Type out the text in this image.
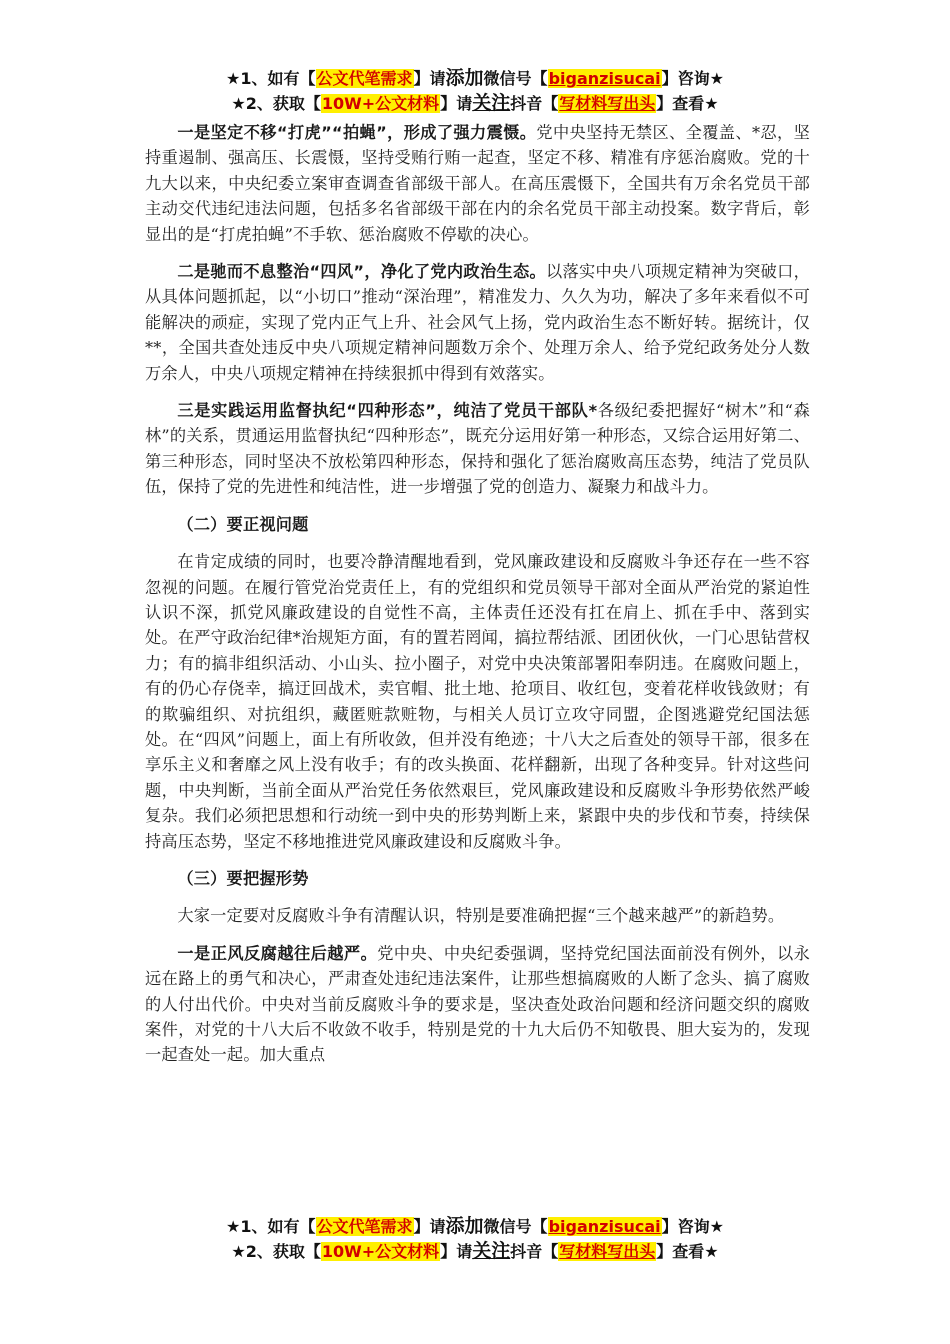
★1、如有【公文代笔需求】请添加微信号【biganzisucai】咨询★
★2、获取【10W+公文材料】请关注抖音【写材料写出头】查看★

一是坚定不移“打虎”“拍蝇”，形成了强力震慑。党中央坚持无禁区、全覆盖、*忍，坚持重遏制、强高压、长震慑，坚持受贿行贿一起查，坚定不移、精准有序惩治腐败。党的十九大以来，中央纪委立案审查调查省部级干部人。在高压震慑下，全国共有万余名党员干部主动交代违纪违法问题，包括多名省部级干部在内的余名党员干部主动投案。数字背后，彰显出的是“打虎拍蝇”不手软、惩治腐败不停歇的决心。

二是驰而不息整治“四风”，净化了党内政治生态。以落实中央八项规定精神为突破口，从具体问题抓起，以“小切口”推动“深治理”，精准发力、久久为功，解决了多年来看似不可能解决的顽症，实现了党内正气上升、社会风气上扬，党内政治生态不断好转。据统计，仅**，全国共查处违反中央八项规定精神问题数万余个、处理万余人、给予党纪政务处分人数万余人，中央八项规定精神在持续狠抓中得到有效落实。

三是实践运用监督执纪“四种形态”，纯洁了党员干部队*各级纪委把握好“树木”和“森林”的关系，贯通运用监督执纪“四种形态”，既充分运用好第一种形态，又综合运用好第二、第三种形态，同时坚决不放松第四种形态，保持和强化了惩治腐败高压态势，纯洁了党员队伍，保持了党的先进性和纯洁性，进一步增强了党的创造力、凝聚力和战斗力。

（二）要正视问题

在肯定成绩的同时，也要冷静清醒地看到，党风廉政建设和反腐败斗争还存在一些不容忽视的问题。在履行管党治党责任上，有的党组织和党员领导干部对全面从严治党的紧迫性认识不深，抓党风廉政建设的自觉性不高，主体责任还没有扛在肩上、抓在手中、落到实处。在严守政治纪律*治规矩方面，有的置若罔闻，搞拉帮结派、团团伙伙，一门心思钻营权力；有的搞非组织活动、小山头、拉小圈子，对党中央决策部署阳奉阴违。在腐败问题上，有的仍心存侥幸，搞迂回战术，卖官帽、批土地、抢项目、收红包，变着花样收钱敛财；有的欺骗组织、对抗组织，藏匿赃款赃物，与相关人员订立攻守同盟，企图逃避党纪国法惩处。在“四风”问题上，面上有所收敛，但并没有绝迹；十八大之后查处的领导干部，很多在享乐主义和奢靡之风上没有收手；有的改头换面、花样翻新，出现了各种变异。针对这些问题，中央判断，当前全面从严治党任务依然艰巨，党风廉政建设和反腐败斗争形势依然严峻复杂。我们必须把思想和行动统一到中央的形势判断上来，紧跟中央的步伐和节奏，持续保持高压态势，坚定不移地推进党风廉政建设和反腐败斗争。

（三）要把握形势

大家一定要对反腐败斗争有清醒认识，特别是要准确把握“三个越来越严”的新趋势。

一是正风反腐越往后越严。党中央、中央纪委强调，坚持党纪国法面前没有例外，以永远在路上的勇气和决心，严肃查处违纪违法案件，让那些想搞腐败的人断了念头、搞了腐败的人付出代价。中央对当前反腐败斗争的要求是，坚决查处政治问题和经济问题交织的腐败案件，对党的十八大后不收敛不收手，特别是党的十九大后仍不知敬畏、胆大妄为的，发现一起查处一起。加大重点

★1、如有【公文代笔需求】请添加微信号【biganzisucai】咨询★
★2、获取【10W+公文材料】请关注抖音【写材料写出头】查看★
